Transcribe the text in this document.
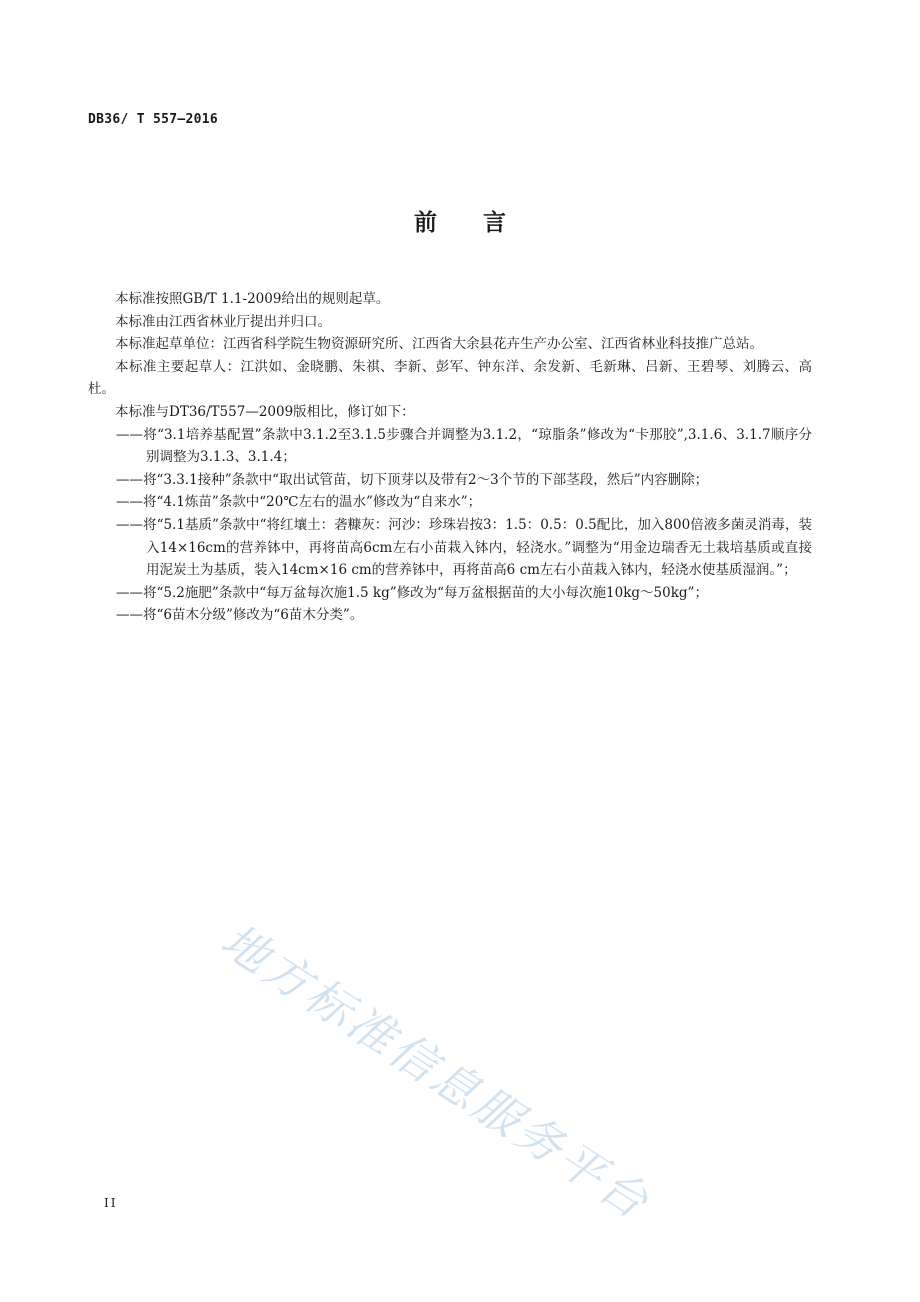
DB36/ T 557—2016
前 言

本标准按照GB/T 1.1-2009给出的规则起草。

本标准由江西省林业厅提出并归口。

本标准起草单位：江西省科学院生物资源研究所、江西省大余县花卉生产办公室、江西省林业科技推广总站。

本标准主要起草人：江洪如、金晓鹏、朱祺、李新、彭军、钟东洋、余发新、毛新琳、吕新、王碧琴、刘腾云、高杜。

本标准与DT36/T557—2009版相比，修订如下：

——将“3.1培养基配置”条款中3.1.2至3.1.5步骤合并调整为3.1.2，“琼脂条”修改为“卡那胶”,3.1.6、3.1.7顺序分别调整为3.1.3、3.1.4；

——将“3.3.1接种”条款中“取出试管苗，切下顶芽以及带有2～3个节的下部茎段，然后”内容删除；

——将“4.1炼苗”条款中“20℃左右的温水”修改为“自来水”；

——将“5.1基质”条款中“将红壤土：砻糠灰：河沙：珍珠岩按3：1.5：0.5：0.5配比，加入800倍液多菌灵消毒，装入14×16cm的营养钵中，再将苗高6cm左右小苗栽入钵内，轻浇水。”调整为“用金边瑞香无土栽培基质或直接用泥炭土为基质，装入14cm×16 cm的营养钵中，再将苗高6 cm左右小苗栽入钵内，轻浇水使基质湿润。”；

——将“5.2施肥”条款中“每万盆每次施1.5 kg”修改为“每万盆根据苗的大小每次施10kg～50kg”；

——将“6苗木分级”修改为“6苗木分类”。

地方标准信息服务平台
II
